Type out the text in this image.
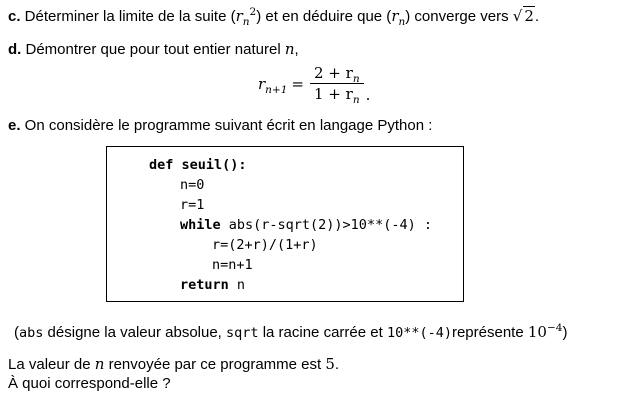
c. Déterminer la limite de la suite $(r_n^2)$ et en déduire que $(r_n)$ converge vers √ 2.
d. Démontrer que pour tout entier naturel n,
$r_{n+1} = \frac{2 + r_n}{1 + r_n}$ .
e. On considère le programme suivant écrit en langage Python :
def seuil():
n=0
r=1
while abs(r-sqrt(2))>10**(-4) :
r=(2+r)/(1+r)
n=n+1
return n
(abs désigne la valeur absolue, sqrt la racine carrée et 10**(-4)représente $10^{-4}$)
La valeur de n renvoyée par ce programme est 5.
À quoi correspond-elle ?
